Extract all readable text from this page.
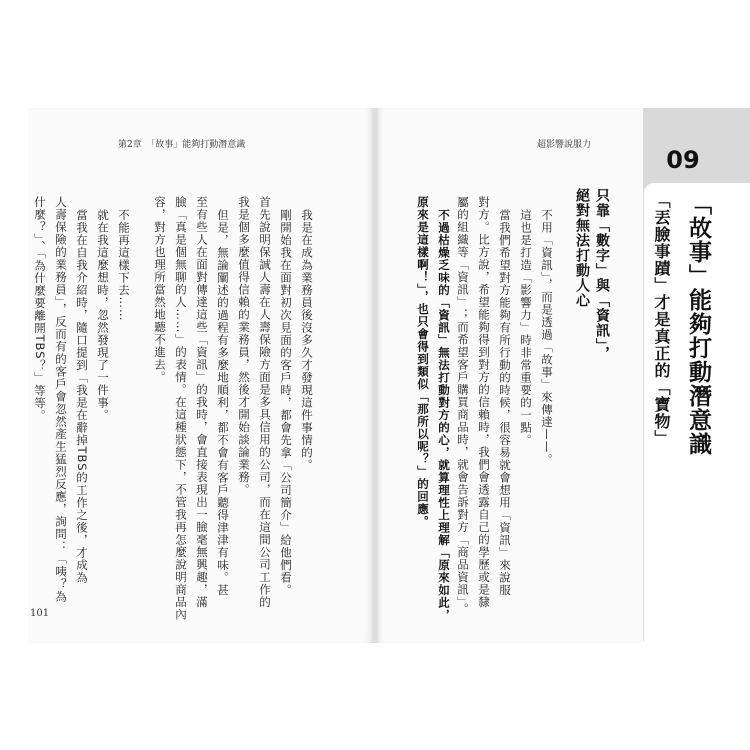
第2章　「故事」能夠打動潛意識	超影響說服力
只靠「數字」與「資訊」，
絕對無法打動人心
不用「資訊」，而是透過「故事」來傳達——。
這也是打造「影響力」時非常重要的一點。
當我們希望對方能夠有所行動的時候，很容易就會想用「資訊」來說服
對方。比方說，希望能夠得到對方的信賴時，我們會透露自己的學歷或是隸
屬的組織等「資訊」；而希望客戶購買商品時，就會告訴對方「商品資訊」。
不過枯燥乏味的「資訊」無法打動對方的心，就算理性上理解「原來如此，
原來是這樣啊！」，也只會得到類似「那所以呢？」的回應。
我是在成為業務員後沒多久才發現這件事情的。
剛開始我在面對初次見面的客戶時，都會先拿「公司簡介」給他們看。
首先說明保誠人壽在人壽保險方面是多具信用的公司，而在這間公司工作的
我是個多麼值得信賴的業務員，然後才開始談論業務。
但是，無論闡述的過程有多麼地順利，都不會有客戶聽得津津有味。甚
至有些人在面對傳達這些「資訊」的我時，會直接表現出一臉毫無興趣，滿
臉「真是個無聊的人……」的表情。在這種狀態下，不管我再怎麼說明商品內
容，對方也理所當然地聽不進去。
不能再這樣下去……
就在我這麼想時，忽然發現了一件事。
當我在自我介紹時，隨口提到「我是在辭掉TBS的工作之後，才成為
人壽保險的業務員」，反而有的客戶會忽然產生猛烈反應，詢問：「咦？為
什麼？」、「為什麼要離開TBS？」等等。
101
09
「故事」能夠打動潛意識
「丟臉事蹟」才是真正的「寶物」
